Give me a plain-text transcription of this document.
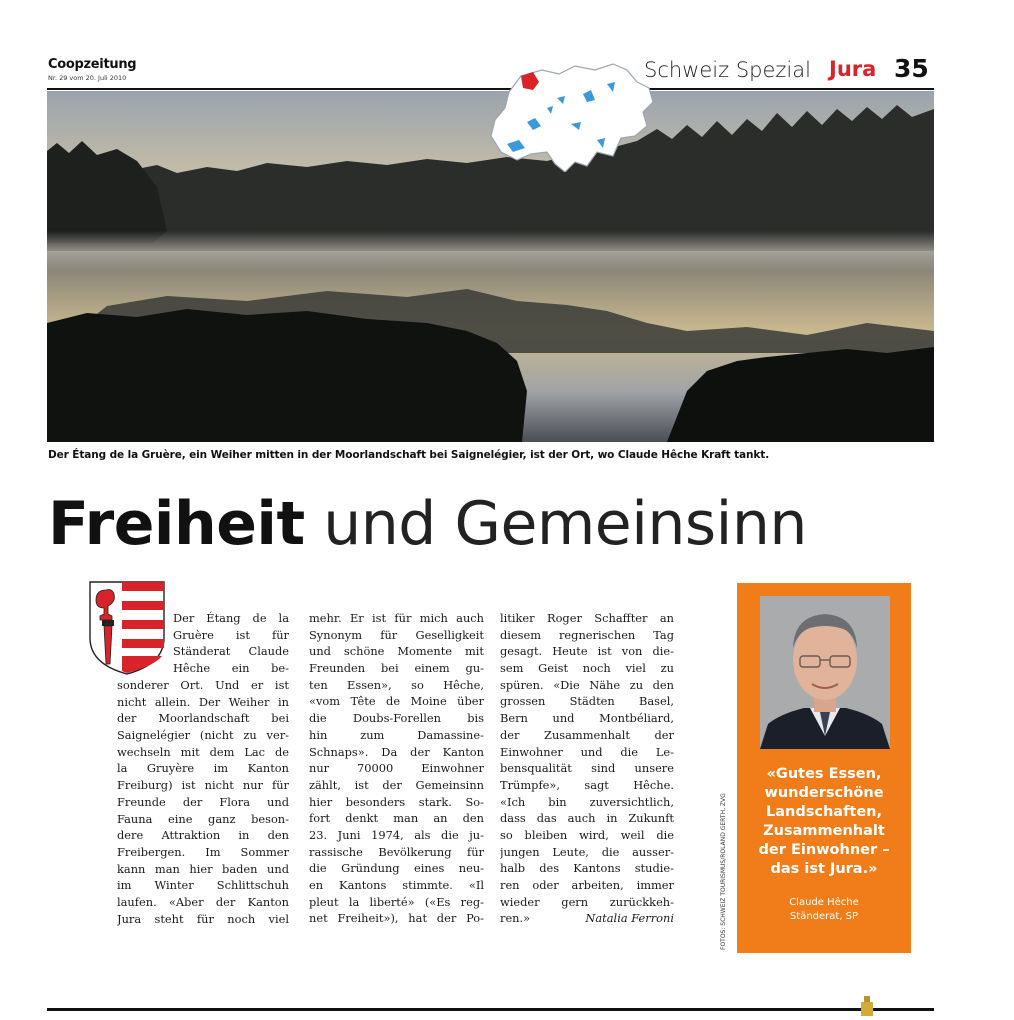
Coopzeitung
Nr. 29 vom 20. Juli 2010	Schweiz Spezial Jura 35
Der Étang de la Gruère, ein Weiher mitten in der Moorlandschaft bei Saignelégier, ist der Ort, wo Claude Hêche Kraft tankt.
Freiheit und Gemeinsinn
Der Étang de la
Gruère ist für
Ständerat Claude
Hêche ein be-
sonderer Ort. Und er ist
nicht allein. Der Weiher in
der Moorlandschaft bei
Saignelégier (nicht zu ver-
wechseln mit dem Lac de
la Gruyère im Kanton
Freiburg) ist nicht nur für
Freunde der Flora und
Fauna eine ganz beson-
dere Attraktion in den
Freibergen. Im Sommer
kann man hier baden und
im Winter Schlittschuh
laufen. «Aber der Kanton
Jura steht für noch viel
mehr. Er ist für mich auch
Synonym für Geselligkeit
und schöne Momente mit
Freunden bei einem gu-
ten Essen», so Hêche,
«vom Tête de Moine über
die Doubs-Forellen bis
hin zum Damassine-
Schnaps». Da der Kanton
nur 70000 Einwohner
zählt, ist der Gemeinsinn
hier besonders stark. So-
fort denkt man an den
23. Juni 1974, als die ju-
rassische Bevölkerung für
die Gründung eines neu-
en Kantons stimmte. «Il
pleut la liberté» («Es reg-
net Freiheit»), hat der Po-
litiker Roger Schaffter an
diesem regnerischen Tag
gesagt. Heute ist von die-
sem Geist noch viel zu
spüren. «Die Nähe zu den
grossen Städten Basel,
Bern und Montbéliard,
der Zusammenhalt der
Einwohner und die Le-
bensqualität sind unsere
Trümpfe», sagt Hêche.
«Ich bin zuversichtlich,
dass das auch in Zukunft
so bleiben wird, weil die
jungen Leute, die ausser-
halb des Kantons studie-
ren oder arbeiten, immer
wieder gern zurückkeh-
ren.»	Natalia Ferroni	FOTOS: SCHWEIZ TOURISMUS/ROLAND GERTH, ZVG
«Gutes Essen,
wunderschöne
Landschaften,
Zusammenhalt
der Einwohner –
das ist Jura.»
Claude Hêche
Ständerat, SP
